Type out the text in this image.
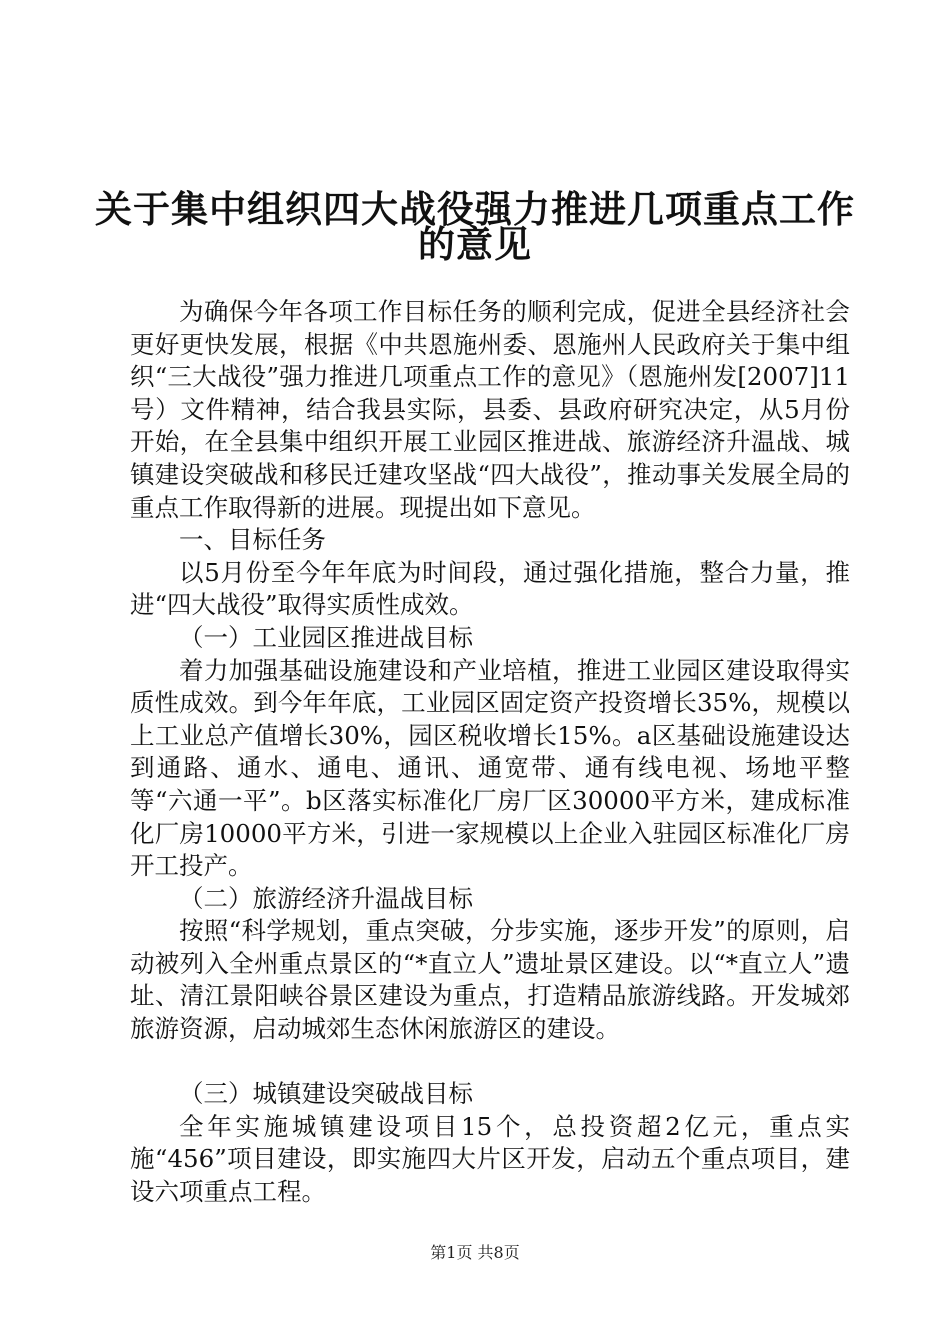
关于集中组织四大战役强力推进几项重点工作
的意见

为确保今年各项工作目标任务的顺利完成，促进全县经济社会更好更快发展，根据《中共恩施州委、恩施州人民政府关于集中组织“三大战役”强力推进几项重点工作的意见》（恩施州发[2007]11号）文件精神，结合我县实际，县委、县政府研究决定，从5月份开始，在全县集中组织开展工业园区推进战、旅游经济升温战、城镇建设突破战和移民迁建攻坚战“四大战役”，推动事关发展全局的重点工作取得新的进展。现提出如下意见。

一、目标任务

以5月份至今年年底为时间段，通过强化措施，整合力量，推进“四大战役”取得实质性成效。

（一）工业园区推进战目标

着力加强基础设施建设和产业培植，推进工业园区建设取得实质性成效。到今年年底，工业园区固定资产投资增长35%，规模以上工业总产值增长30%，园区税收增长15%。a区基础设施建设达到通路、通水、通电、通讯、通宽带、通有线电视、场地平整等“六通一平”。b区落实标准化厂房厂区30000平方米，建成标准化厂房10000平方米，引进一家规模以上企业入驻园区标准化厂房开工投产。

（二）旅游经济升温战目标

按照“科学规划，重点突破，分步实施，逐步开发”的原则，启动被列入全州重点景区的“*直立人”遗址景区建设。以“*直立人”遗址、清江景阳峡谷景区建设为重点，打造精品旅游线路。开发城郊旅游资源，启动城郊生态休闲旅游区的建设。

（三）城镇建设突破战目标

全年实施城镇建设项目15个，总投资超2亿元，重点实施“456”项目建设，即实施四大片区开发，启动五个重点项目，建设六项重点工程。

第1页 共8页
